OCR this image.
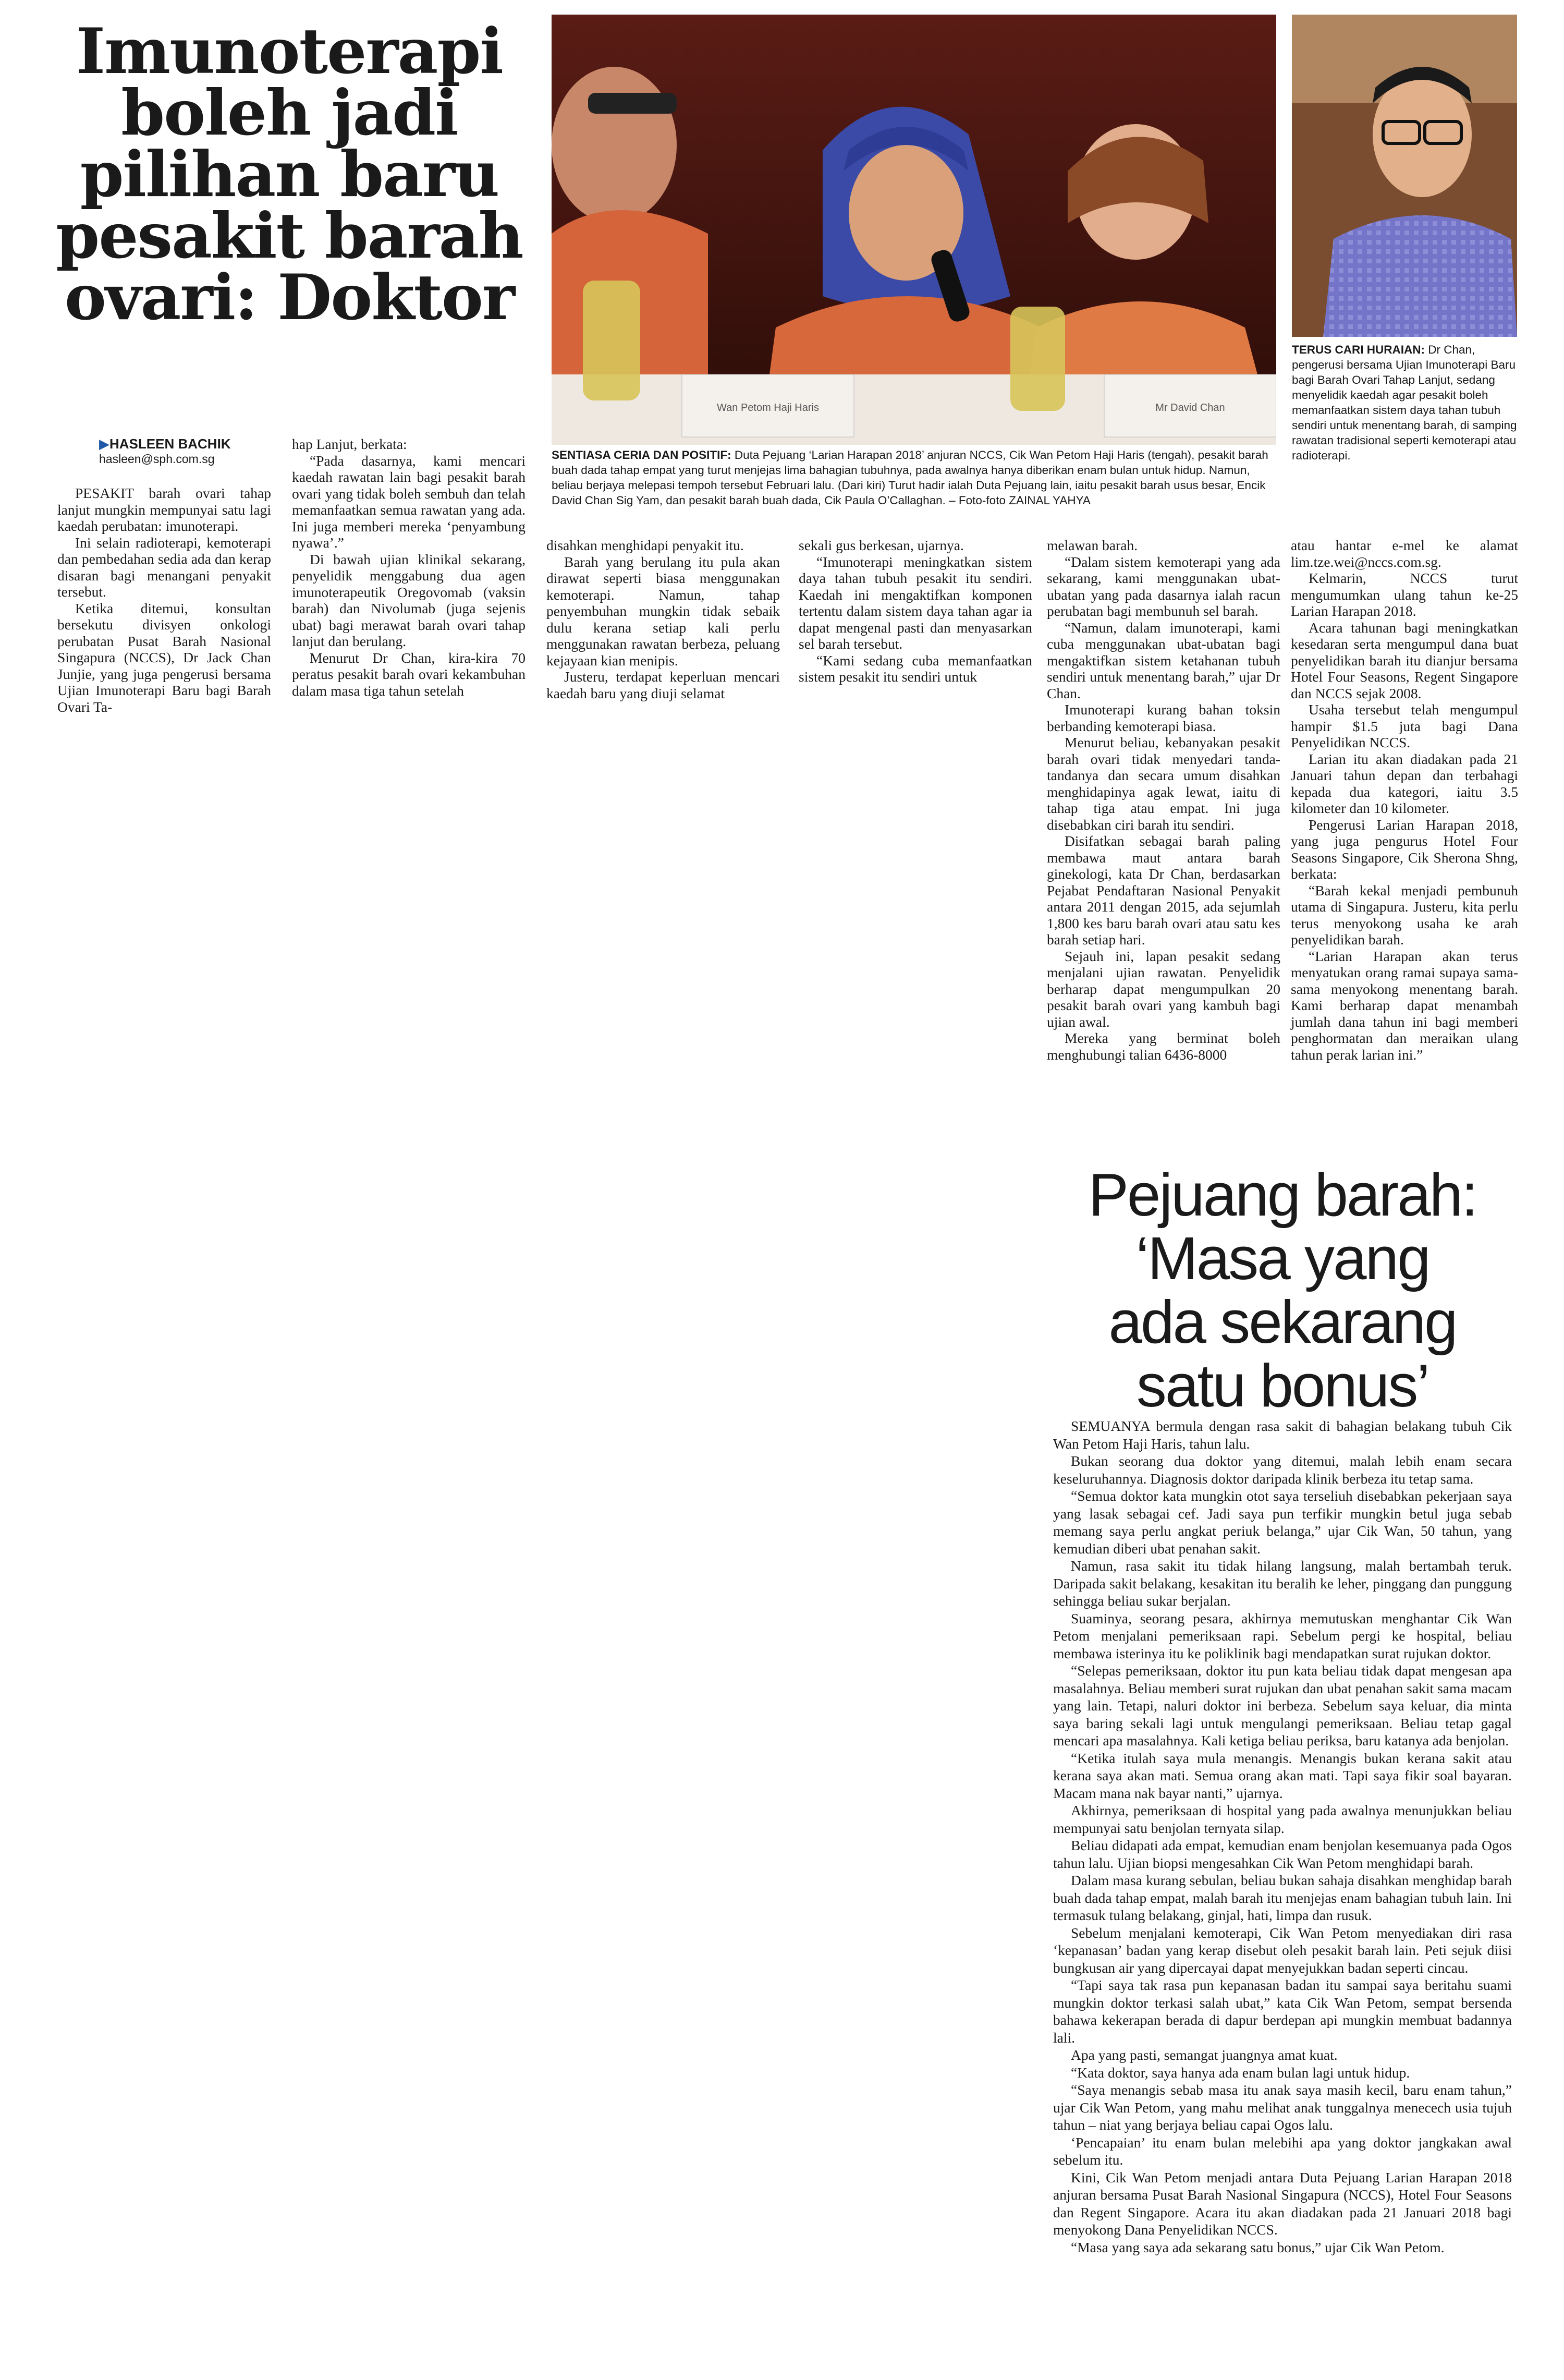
Imunoterapi
boleh jadi
pilihan baru
pesakit barah
ovari: Doktor
▶HASLEEN BACHIK
hasleen@sph.com.sg
Wan Petom Haji Haris	Mr David Chan
SENTIASA CERIA DAN POSITIF: Duta Pejuang ‘Larian Harapan 2018’ anjuran NCCS, Cik Wan Petom Haji Haris (tengah), pesakit barah buah dada tahap empat yang turut menjejas lima bahagian tubuhnya, pada awalnya hanya diberikan enam bulan untuk hidup. Namun, beliau berjaya melepasi tempoh tersebut Februari lalu. (Dari kiri) Turut hadir ialah Duta Pejuang lain, iaitu pesakit barah usus besar, Encik David Chan Sig Yam, dan pesakit barah buah dada, Cik Paula O’Callaghan. – Foto-foto ZAINAL YAHYA
TERUS CARI HURAIAN: Dr Chan, pengerusi bersama Ujian Imunoterapi Baru bagi Barah Ovari Tahap Lanjut, sedang menyelidik kaedah agar pesakit boleh memanfaatkan sistem daya tahan tubuh sendiri untuk menentang barah, di samping rawatan tradisional seperti kemoterapi atau radioterapi.

PESAKIT barah ovari tahap lanjut mungkin mempunyai satu lagi kaedah perubatan: imunoterapi.

Ini selain radioterapi, kemoterapi dan pembedahan sedia ada dan kerap disaran bagi menangani penyakit tersebut.

Ketika ditemui, konsultan bersekutu divisyen onkologi perubatan Pusat Barah Nasional Singapura (NCCS), Dr Jack Chan Junjie, yang juga pengerusi bersama Ujian Imunoterapi Baru bagi Barah Ovari Ta-

hap Lanjut, berkata:

“Pada dasarnya, kami mencari kaedah rawatan lain bagi pesakit barah ovari yang tidak boleh sembuh dan telah memanfaatkan semua rawatan yang ada. Ini juga memberi mereka ‘penyambung nyawa’.”

Di bawah ujian klinikal sekarang, penyelidik menggabung dua agen imunoterapeutik Oregovomab (vaksin barah) dan Nivolumab (juga sejenis ubat) bagi merawat barah ovari tahap lanjut dan berulang.

Menurut Dr Chan, kira-kira 70 peratus pesakit barah ovari kekambuhan dalam masa tiga tahun setelah

disahkan menghidapi penyakit itu.

Barah yang berulang itu pula akan dirawat seperti biasa menggunakan kemoterapi. Namun, tahap penyembuhan mungkin tidak sebaik dulu kerana setiap kali perlu menggunakan rawatan berbeza, peluang kejayaan kian menipis.

Justeru, terdapat keperluan mencari kaedah baru yang diuji selamat

sekali gus berkesan, ujarnya.

“Imunoterapi meningkatkan sistem daya tahan tubuh pesakit itu sendiri. Kaedah ini mengaktifkan komponen tertentu dalam sistem daya tahan agar ia dapat mengenal pasti dan menyasarkan sel barah tersebut.

“Kami sedang cuba memanfaatkan sistem pesakit itu sendiri untuk

melawan barah.

“Dalam sistem kemoterapi yang ada sekarang, kami menggunakan ubat-ubatan yang pada dasarnya ialah racun perubatan bagi membunuh sel barah.

“Namun, dalam imunoterapi, kami cuba menggunakan ubat-ubatan bagi mengaktifkan sistem ketahanan tubuh sendiri untuk menentang barah,” ujar Dr Chan.

Imunoterapi kurang bahan toksin berbanding kemoterapi biasa.

Menurut beliau, kebanyakan pesakit barah ovari tidak menyedari tanda-tandanya dan secara umum disahkan menghidapinya agak lewat, iaitu di tahap tiga atau empat. Ini juga disebabkan ciri barah itu sendiri.

Disifatkan sebagai barah paling membawa maut antara barah ginekologi, kata Dr Chan, berdasarkan Pejabat Pendaftaran Nasional Penyakit antara 2011 dengan 2015, ada sejumlah 1,800 kes baru barah ovari atau satu kes barah setiap hari.

Sejauh ini, lapan pesakit sedang menjalani ujian rawatan. Penyelidik berharap dapat mengumpulkan 20 pesakit barah ovari yang kambuh bagi ujian awal.

Mereka yang berminat boleh menghubungi talian 6436-8000

atau hantar e-mel ke alamat lim.tze.wei@nccs.com.sg.

Kelmarin, NCCS turut mengumumkan ulang tahun ke-25 Larian Harapan 2018.

Acara tahunan bagi meningkatkan kesedaran serta mengumpul dana buat penyelidikan barah itu dianjur bersama Hotel Four Seasons, Regent Singapore dan NCCS sejak 2008.

Usaha tersebut telah mengumpul hampir $1.5 juta bagi Dana Penyelidikan NCCS.

Larian itu akan diadakan pada 21 Januari tahun depan dan terbahagi kepada dua kategori, iaitu 3.5 kilometer dan 10 kilometer.

Pengerusi Larian Harapan 2018, yang juga pengurus Hotel Four Seasons Singapore, Cik Sherona Shng, berkata:

“Barah kekal menjadi pembunuh utama di Singapura. Justeru, kita perlu terus menyokong usaha ke arah penyelidikan barah.

“Larian Harapan akan terus menyatukan orang ramai supaya sama-sama menyokong menentang barah. Kami berharap dapat menambah jumlah dana tahun ini bagi memberi penghormatan dan meraikan ulang tahun perak larian ini.”

Pejuang barah:
‘Masa yang
ada sekarang
satu bonus’

SEMUANYA bermula dengan rasa sakit di bahagian belakang tubuh Cik Wan Petom Haji Haris, tahun lalu.

Bukan seorang dua doktor yang ditemui, malah lebih enam secara keseluruhannya. Diagnosis doktor daripada klinik berbeza itu tetap sama.

“Semua doktor kata mungkin otot saya terseliuh disebabkan pekerjaan saya yang lasak sebagai cef. Jadi saya pun terfikir mungkin betul juga sebab memang saya perlu angkat periuk belanga,” ujar Cik Wan, 50 tahun, yang kemudian diberi ubat penahan sakit.

Namun, rasa sakit itu tidak hilang langsung, malah bertambah teruk. Daripada sakit belakang, kesakitan itu beralih ke leher, pinggang dan punggung sehingga beliau sukar berjalan.

Suaminya, seorang pesara, akhirnya memutuskan menghantar Cik Wan Petom menjalani pemeriksaan rapi. Sebelum pergi ke hospital, beliau membawa isterinya itu ke poliklinik bagi mendapatkan surat rujukan doktor.

“Selepas pemeriksaan, doktor itu pun kata beliau tidak dapat mengesan apa masalahnya. Beliau memberi surat rujukan dan ubat penahan sakit sama macam yang lain. Tetapi, naluri doktor ini berbeza. Sebelum saya keluar, dia minta saya baring sekali lagi untuk mengulangi pemeriksaan. Beliau tetap gagal mencari apa masalahnya. Kali ketiga beliau periksa, baru katanya ada benjolan.

“Ketika itulah saya mula menangis. Menangis bukan kerana sakit atau kerana saya akan mati. Semua orang akan mati. Tapi saya fikir soal bayaran. Macam mana nak bayar nanti,” ujarnya.

Akhirnya, pemeriksaan di hospital yang pada awalnya menunjukkan beliau mempunyai satu benjolan ternyata silap.

Beliau didapati ada empat, kemudian enam benjolan kesemuanya pada Ogos tahun lalu. Ujian biopsi mengesahkan Cik Wan Petom menghidapi barah.

Dalam masa kurang sebulan, beliau bukan sahaja disahkan menghidap barah buah dada tahap empat, malah barah itu menjejas enam bahagian tubuh lain. Ini termasuk tulang belakang, ginjal, hati, limpa dan rusuk.

Sebelum menjalani kemoterapi, Cik Wan Petom menyediakan diri rasa ‘kepanasan’ badan yang kerap disebut oleh pesakit barah lain. Peti sejuk diisi bungkusan air yang dipercayai dapat menyejukkan badan seperti cincau.

“Tapi saya tak rasa pun kepanasan badan itu sampai saya beritahu suami mungkin doktor terkasi salah ubat,” kata Cik Wan Petom, sempat bersenda bahawa kekerapan berada di dapur berdepan api mungkin membuat badannya lali.

Apa yang pasti, semangat juangnya amat kuat.

“Kata doktor, saya hanya ada enam bulan lagi untuk hidup.

“Saya menangis sebab masa itu anak saya masih kecil, baru enam tahun,” ujar Cik Wan Petom, yang mahu melihat anak tunggalnya menecech usia tujuh tahun – niat yang berjaya beliau capai Ogos lalu.

‘Pencapaian’ itu enam bulan melebihi apa yang doktor jangkakan awal sebelum itu.

Kini, Cik Wan Petom menjadi antara Duta Pejuang Larian Harapan 2018 anjuran bersama Pusat Barah Nasional Singapura (NCCS), Hotel Four Seasons dan Regent Singapore. Acara itu akan diadakan pada 21 Januari 2018 bagi menyokong Dana Penyelidikan NCCS.

“Masa yang saya ada sekarang satu bonus,” ujar Cik Wan Petom.
